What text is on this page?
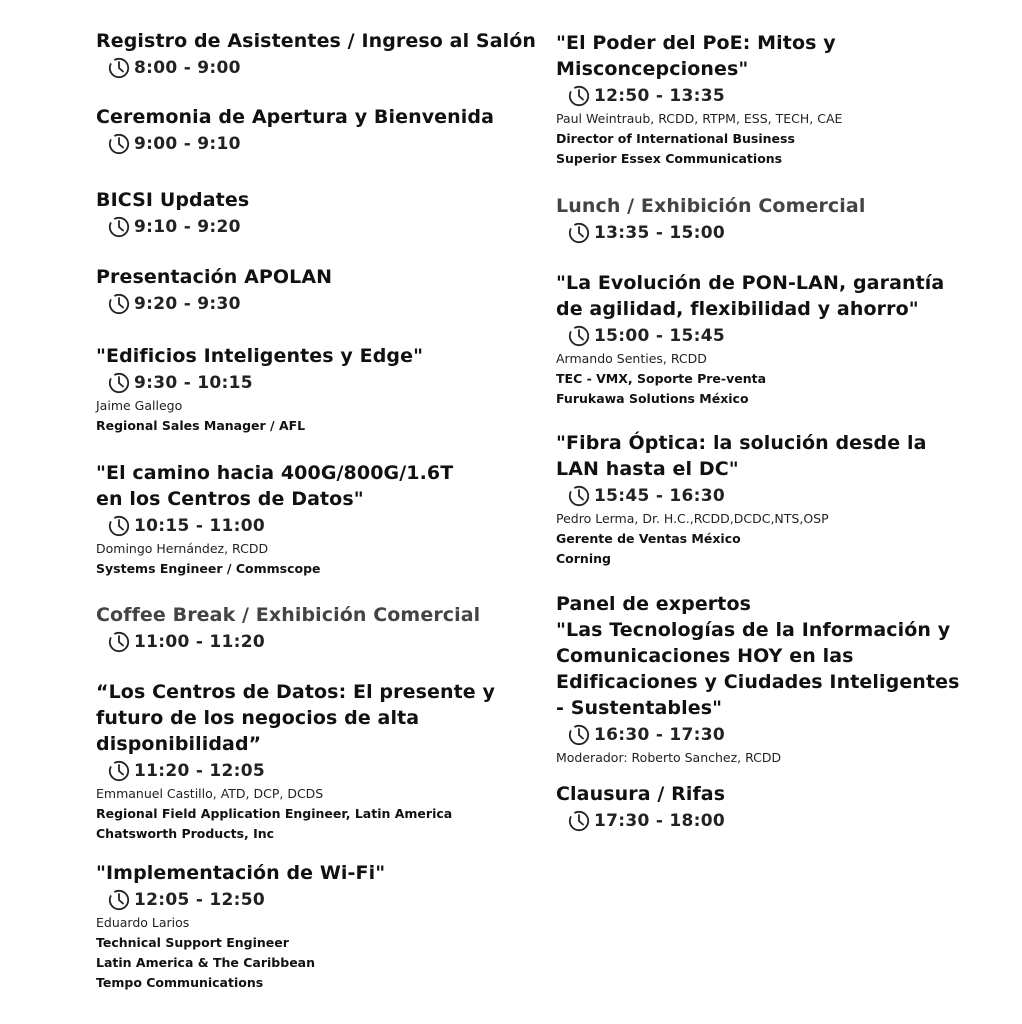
Registro de Asistentes / Ingreso al Salón
8:00 - 9:00
Ceremonia de Apertura y Bienvenida
9:00 - 9:10
BICSI Updates
9:10 - 9:20
Presentación APOLAN
9:20 - 9:30
"Edificios Inteligentes y Edge"
9:30 - 10:15
Jaime Gallego
Regional Sales Manager / AFL
"El camino hacia 400G/800G/1.6T
en los Centros de Datos"
10:15 - 11:00
Domingo Hernández, RCDD
Systems Engineer / Commscope
Coffee Break / Exhibición Comercial
11:00 - 11:20
“Los Centros de Datos: El presente y
futuro de los negocios de alta
disponibilidad”
11:20 - 12:05
Emmanuel Castillo, ATD, DCP, DCDS
Regional Field Application Engineer, Latin America
Chatsworth Products, Inc
"Implementación de Wi-Fi"
12:05 - 12:50
Eduardo Larios
Technical Support Engineer
Latin America & The Caribbean
Tempo Communications
"El Poder del PoE: Mitos y
Misconcepciones"
12:50 - 13:35
Paul Weintraub, RCDD, RTPM, ESS, TECH, CAE
Director of International Business
Superior Essex Communications
Lunch / Exhibición Comercial
13:35 - 15:00
"La Evolución de PON-LAN, garantía
de agilidad, flexibilidad y ahorro"
15:00 - 15:45
Armando Senties, RCDD
TEC - VMX, Soporte Pre-venta
Furukawa Solutions México
"Fibra Óptica: la solución desde la
LAN hasta el DC"
15:45 - 16:30
Pedro Lerma, Dr. H.C.,RCDD,DCDC,NTS,OSP
Gerente de Ventas México
Corning
Panel de expertos
"Las Tecnologías de la Información y
Comunicaciones HOY en las
Edificaciones y Ciudades Inteligentes
- Sustentables"
16:30 - 17:30
Moderador: Roberto Sanchez, RCDD
Clausura / Rifas
17:30 - 18:00
